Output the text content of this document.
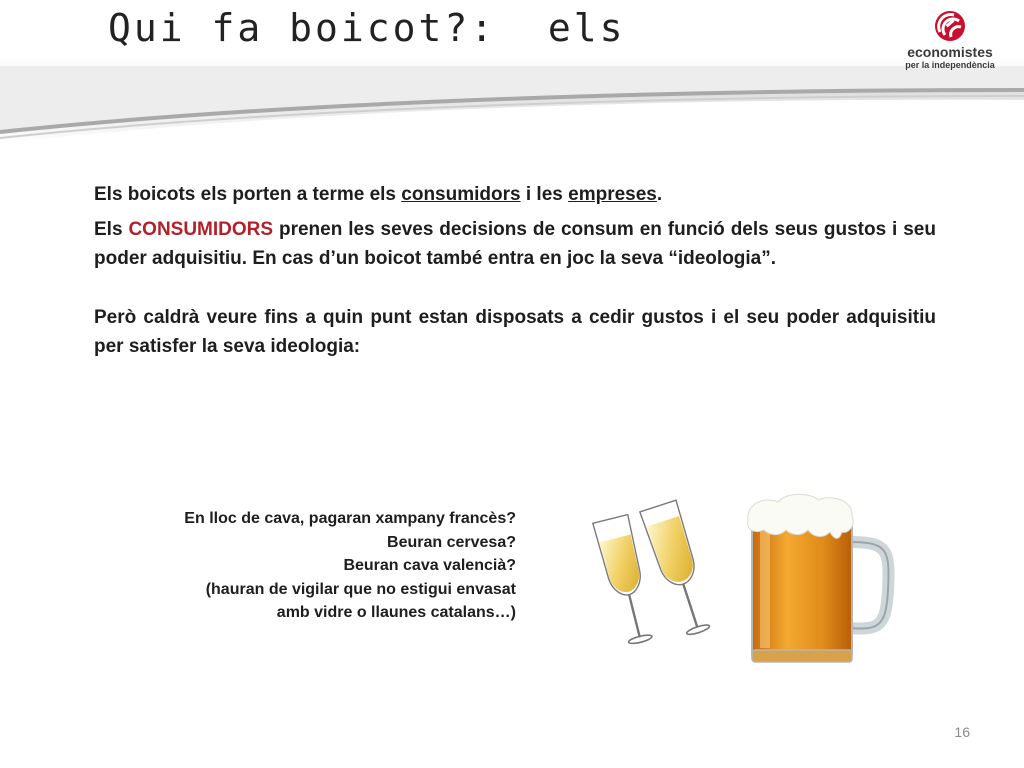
Qui fa boicot?:  els
economistes
per la independència

Els boicots els porten a terme els consumidors i les empreses.

Els CONSUMIDORS prenen les seves decisions de consum en funció dels seus gustos i seu poder adquisitiu. En cas d’un boicot també entra en joc la seva “ideologia”.

Però caldrà veure fins a quin punt estan disposats a cedir gustos i el seu poder adquisitiu per satisfer la seva ideologia:

En lloc de cava, pagaran xampany francès?
Beuran cervesa?
Beuran cava valencià?
(hauran de vigilar que no estigui envasat
amb vidre o llaunes catalans…)
16
